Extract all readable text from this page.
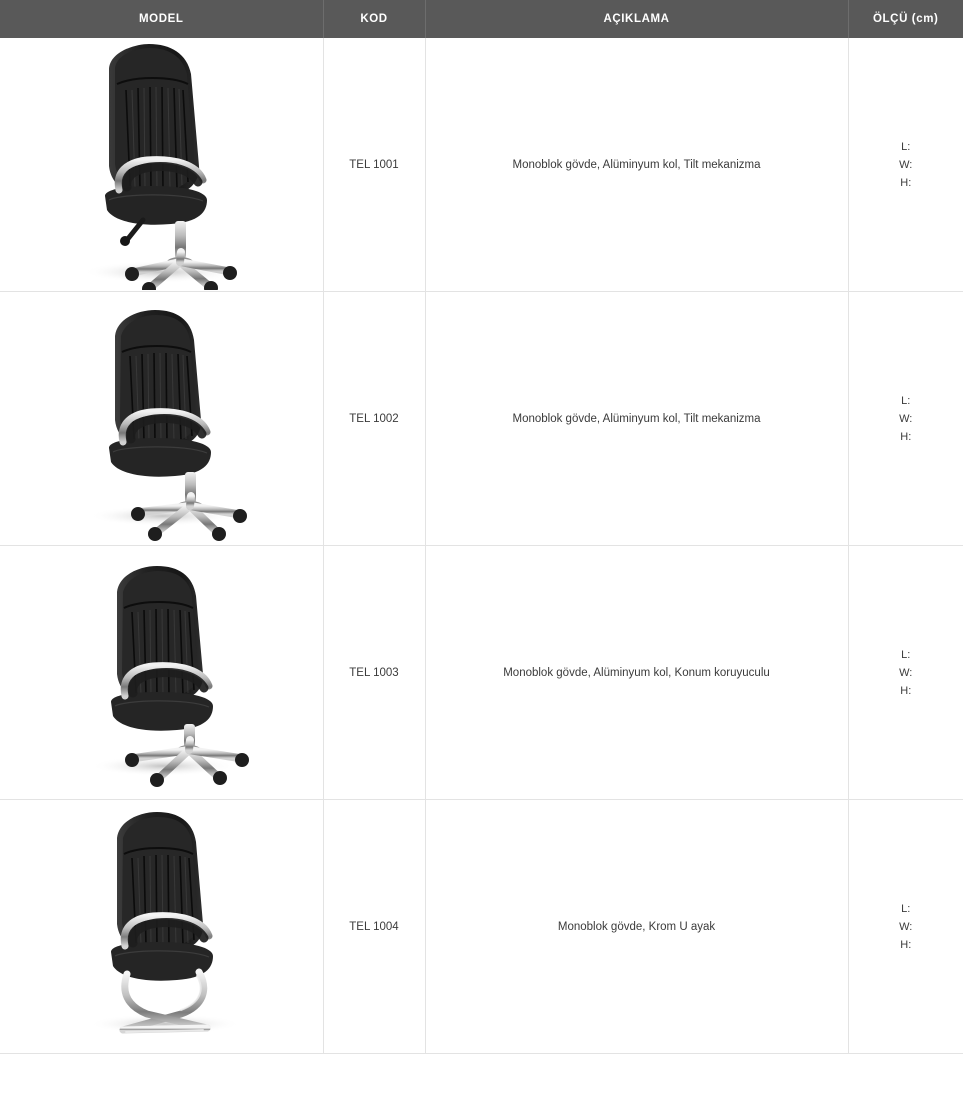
MODEL	KOD	AÇIKLAMA	ÖLÇÜ (cm)

	TEL 1001	Monoblok gövde, Alüminyum kol, Tilt mekanizma	L:
W:
H:

	TEL 1002	Monoblok gövde, Alüminyum kol, Tilt mekanizma	L:
W:
H:

	TEL 1003	Monoblok gövde, Alüminyum kol, Konum koruyuculu	L:
W:
H:

	TEL 1004	Monoblok gövde, Krom U ayak	L:
W:
H:
